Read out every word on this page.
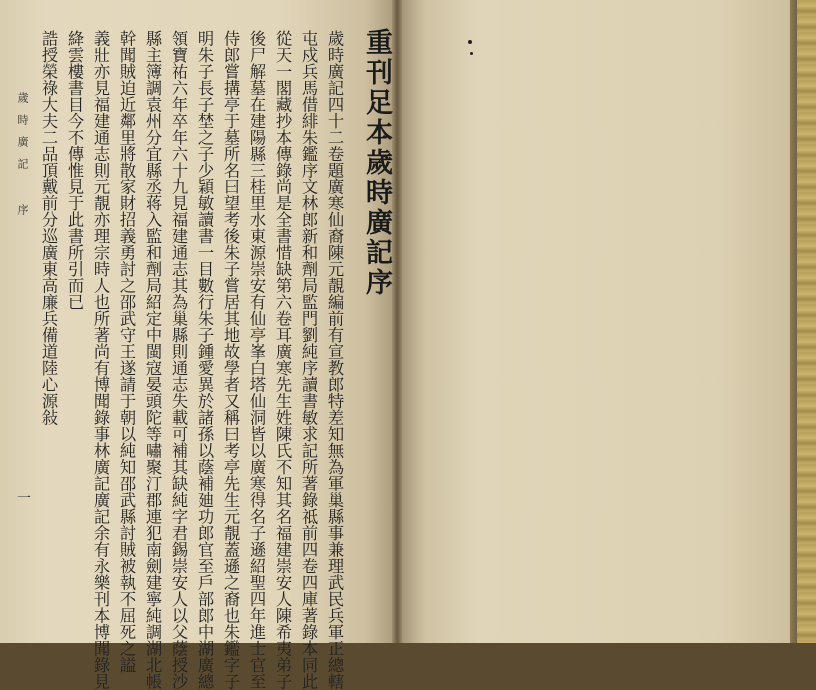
歲時廣記 序
一
重刊足本歲時廣記序
歲時廣記四十二卷題廣寒仙裔陳元靚編前有宣教郎特差知無為軍巢縣事兼理武民兵軍正總轄
屯戍兵馬借緋朱鑑序文林郎新和劑局監門劉純序讀書敏求記所著錄祗前四卷四庫著錄本同此
從天一閣藏抄本傳錄尚是全書惜缺第六卷耳廣寒先生姓陳氏不知其名福建崇安人陳希夷弟子
後尸解墓在建陽縣三桂里水東源崇安有仙亭峯白塔仙洞皆以廣寒得名子遜紹聖四年進士官至
侍郎嘗搆亭于墓所名曰望考後朱子嘗居其地故學者又稱曰考亭先生元靚蓋遜之裔也朱鑑字子
明朱子長子埜之子少穎敏讀書一目數行朱子鍾愛異於諸孫以蔭補廸功郎官至戶部郎中湖廣總
領寶祐六年卒年六十九見福建通志其為巢縣則通志失載可補其缺純字君錫崇安人以父蔭授沙
縣主簿調袁州分宜縣丞蒋入監和劑局紹定中閩寇晏頭陀等嘯聚汀郡連犯南劍建寧純調湖北帳
幹聞賊迫近鄰里將散家財招義勇討之邵武守王遂請于朝以純知邵武縣討賊被執不屈死之謚
義壯亦見福建通志則元靚亦理宗時人也所著尚有博聞錄事林廣記廣記余有永樂刊本博聞錄見
絳雲樓書目今不傳惟見于此書所引而已
誥授榮祿大夫二品頂戴前分巡廣東高廉兵備道陸心源敍
